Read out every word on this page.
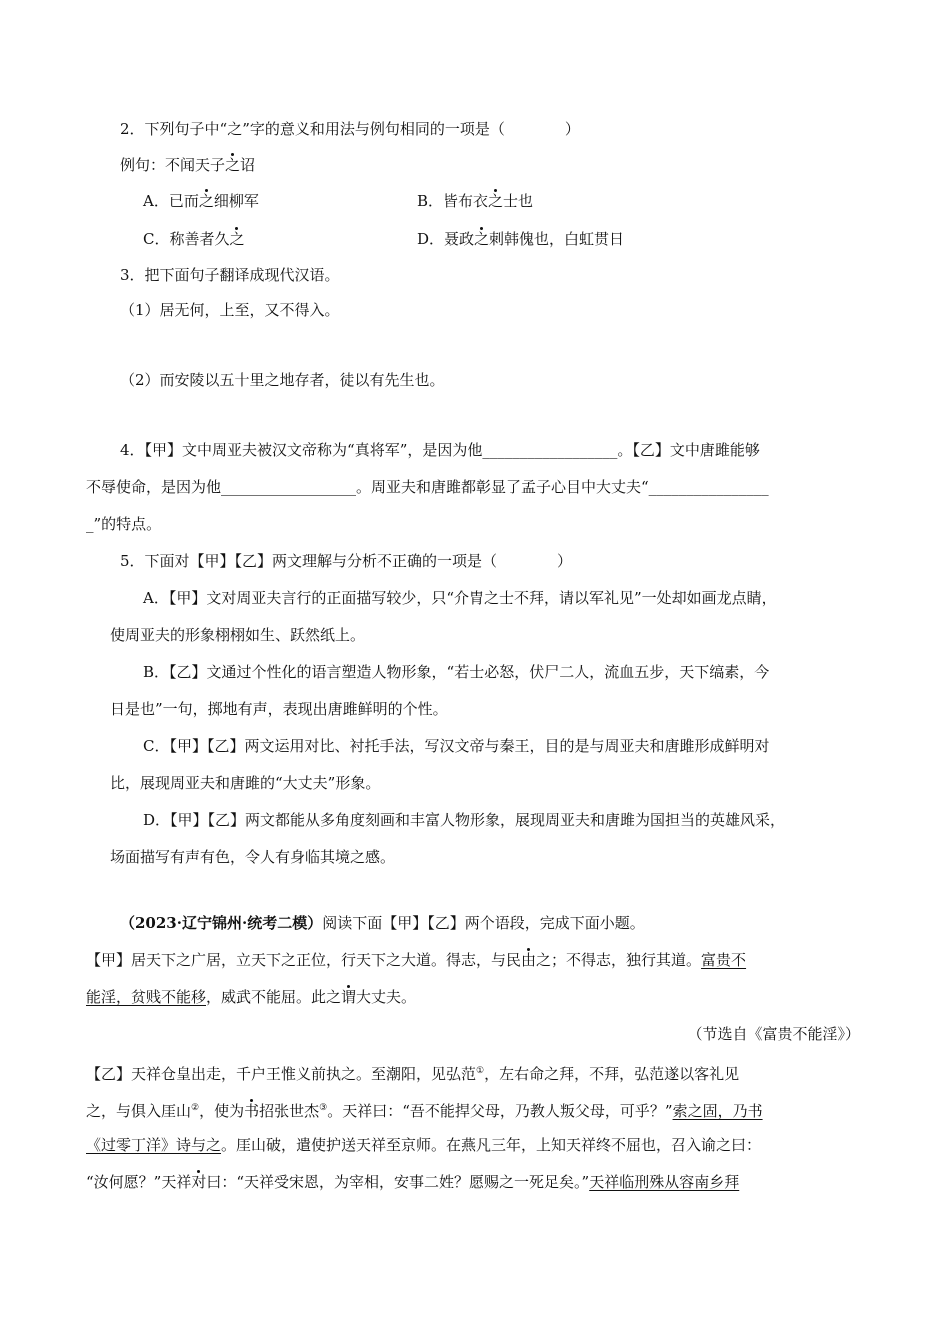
2．下列句子中“之”字的意义和用法与例句相同的一项是（　　　　）
例句：不闻天子之诏
A．已而之细柳军	B．皆布衣之士也
C．称善者久之	D．聂政之刺韩傀也，白虹贯日
3．把下面句子翻译成现代汉语。
（1）居无何，上至，又不得入。
（2）而安陵以五十里之地存者，徒以有先生也。
4．【甲】文中周亚夫被汉文帝称为“真将军”，是因为他__________________。【乙】文中唐雎能够
不辱使命，是因为他__________________。周亚夫和唐雎都彰显了孟子心目中大丈夫“________________
_”的特点。
5．下面对【甲】【乙】两文理解与分析不正确的一项是（　　　　）
A．【甲】文对周亚夫言行的正面描写较少，只“介胄之士不拜，请以军礼见”一处却如画龙点睛，
使周亚夫的形象栩栩如生、跃然纸上。
B．【乙】文通过个性化的语言塑造人物形象，“若士必怒，伏尸二人，流血五步，天下缟素，今
日是也”一句，掷地有声，表现出唐雎鲜明的个性。
C．【甲】【乙】两文运用对比、衬托手法，写汉文帝与秦王，目的是与周亚夫和唐雎形成鲜明对
比，展现周亚夫和唐雎的“大丈夫”形象。
D．【甲】【乙】两文都能从多角度刻画和丰富人物形象，展现周亚夫和唐雎为国担当的英雄风采，
场面描写有声有色，令人有身临其境之感。
（2023·辽宁锦州·统考二模）阅读下面【甲】【乙】两个语段，完成下面小题。
【甲】居天下之广居，立天下之正位，行天下之大道。得志，与民由之；不得志，独行其道。富贵不
能淫，贫贱不能移，威武不能屈。此之谓大丈夫。
（节选自《富贵不能淫》）
【乙】天祥仓皇出走，千户王惟义前执之。至潮阳，见弘范①，左右命之拜，不拜，弘范遂以客礼见
之，与俱入厓山②，使为书招张世杰③。天祥曰：“吾不能捍父母，乃教人叛父母，可乎？”索之固，乃书
《过零丁洋》诗与之。厓山破，遣使护送天祥至京师。在燕凡三年，上知天祥终不屈也，召入谕之曰：
“汝何愿？”天祥对曰：“天祥受宋恩，为宰相，安事二姓？愿赐之一死足矣。”天祥临刑殊从容南乡拜
